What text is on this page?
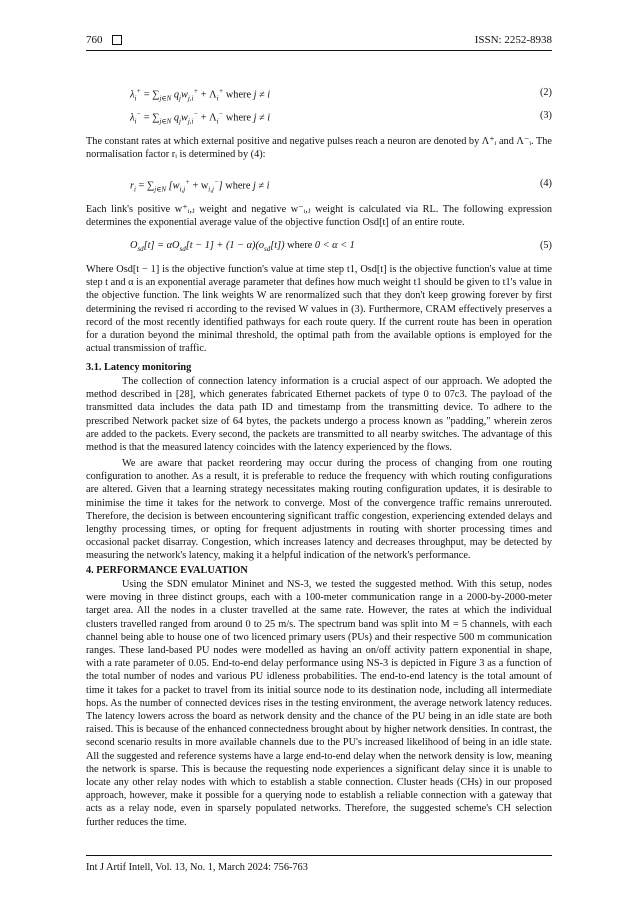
760	ISSN: 2252-8938
$\lambda_i^+ = \sum_{j\in N}$ $q_jw_{j,i}^+ + \Lambda_i^+$ where j ≠ i	(2)
$\lambda_i^- = \sum_{j\in N}$ $q_jw_{j,i}^- + \Lambda_i^-$ where j ≠ i	(3)
The constant rates at which external positive and negative pulses reach a neuron are denoted by Λ⁺ᵢ and Λ⁻ᵢ. The normalisation factor rᵢ is determined by (4):
$r_i = \sum_{j\in N}$ $[w_{i,j}^+ + w_{i,j}^-]$ where j ≠ i	(4)
Each link's positive w⁺ᵢ,ⱼ weight and negative w⁻ᵢ,ⱼ weight is calculated via RL. The following expression determines the exponential average value of the objective function Osd[t] of an entire route.
$O_{sd}[t] = \alpha O_{sd}[t - 1] + (1 - \alpha)(o_{sd}[t])$ where 0 < α < 1	(5)
Where Osd[t − 1] is the objective function's value at time step t1, Osd[t] is the objective function's value at time step t and α is an exponential average parameter that defines how much weight t1 should be given to t1's value in the objective function. The link weights W are renormalized such that they don't keep growing forever by first determining the revised ri according to the revised W values in (3). Furthermore, CRAM effectively preserves a record of the most recently identified pathways for each route query. If the current route has been in operation for a duration beyond the minimal threshold, the optimal path from the available options is employed for the actual transmission of traffic.
3.1. Latency monitoring
The collection of connection latency information is a crucial aspect of our approach. We adopted the method described in [28], which generates fabricated Ethernet packets of type 0 to 07c3. The payload of the transmitted data includes the data path ID and timestamp from the transmitting device. To adhere to the prescribed Network packet size of 64 bytes, the packets undergo a process known as "padding," wherein zeros are added to the packets. Every second, the packets are transmitted to all nearby switches. The advantage of this method is that the measured latency coincides with the latency experienced by the flows.
We are aware that packet reordering may occur during the process of changing from one routing configuration to another. As a result, it is preferable to reduce the frequency with which routing configurations are altered. Given that a learning strategy necessitates making routing configuration updates, it is desirable to minimise the time it takes for the network to converge. Most of the convergence traffic remains unrerouted. Therefore, the decision is between encountering significant traffic congestion, experiencing extended delays and lengthy processing times, or opting for frequent adjustments in routing with shorter processing times and occasional packet disarray. Congestion, which increases latency and decreases throughput, may be detected by measuring the network's latency, making it a helpful indication of the network's performance.
4. PERFORMANCE EVALUATION
Using the SDN emulator Mininet and NS-3, we tested the suggested method. With this setup, nodes were moving in three distinct groups, each with a 100-meter communication range in a 2000-by-2000-meter target area. All the nodes in a cluster travelled at the same rate. However, the rates at which the individual clusters travelled ranged from around 0 to 25 m/s. The spectrum band was split into M = 5 channels, with each channel being able to house one of two licenced primary users (PUs) and their respective 500 m communication ranges. These land-based PU nodes were modelled as having an on/off activity pattern exponential in shape, with a rate parameter of 0.05. End-to-end delay performance using NS-3 is depicted in Figure 3 as a function of the total number of nodes and various PU idleness probabilities. The end-to-end latency is the total amount of time it takes for a packet to travel from its initial source node to its destination node, including all intermediate hops. As the number of connected devices rises in the testing environment, the average network latency reduces. The latency lowers across the board as network density and the chance of the PU being in an idle state are both raised. This is because of the enhanced connectedness brought about by higher network densities. In contrast, the second scenario results in more available channels due to the PU's increased likelihood of being in an idle state. All the suggested and reference systems have a large end-to-end delay when the network density is low, meaning the network is sparse. This is because the requesting node experiences a significant delay since it is unable to locate any other relay nodes with which to establish a stable connection. Cluster heads (CHs) in our proposed approach, however, make it possible for a querying node to establish a reliable connection with a gateway that acts as a relay node, even in sparsely populated networks. Therefore, the suggested scheme's CH selection further reduces the time.
Int J Artif Intell, Vol. 13, No. 1, March 2024: 756-763
